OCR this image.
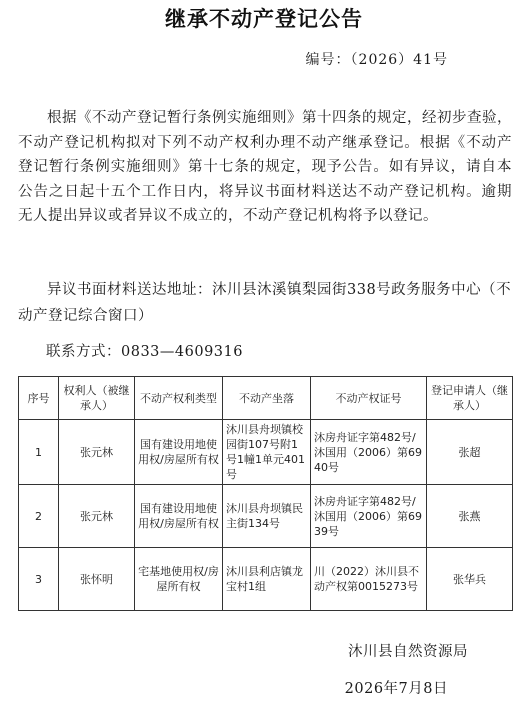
继承不动产登记公告
编号：（2026）41号

根据《不动产登记暂行条例实施细则》第十四条的规定，经初步查验，不动产登记机构拟对下列不动产权利办理不动产继承登记。根据《不动产登记暂行条例实施细则》第十七条的规定，现予公告。如有异议，请自本公告之日起十五个工作日内，将异议书面材料送达不动产登记机构。逾期无人提出异议或者异议不成立的，不动产登记机构将予以登记。

异议书面材料送达地址：沐川县沐溪镇梨园街338号政务服务中心（不动产登记综合窗口）
联系方式：0833—4609316
序号	权利人（被继承人）	不动产权利类型	不动产坐落	不动产权证号	登记申请人（继承人）
1	张元林	国有建设用地使用权/房屋所有权	沐川县舟坝镇校园街107号附1号1幢1单元401号	沐房舟证字第482号/沐国用（2006）第6940号	张超
2	张元林	国有建设用地使用权/房屋所有权	沐川县舟坝镇民主街134号	沐房舟证字第482号/沐国用（2006）第6939号	张燕
3	张怀明	宅基地使用权/房屋所有权	沐川县利店镇龙宝村1组	川（2022）沐川县不动产权第0015273号	张华兵
沐川县自然资源局
2026年7月8日
